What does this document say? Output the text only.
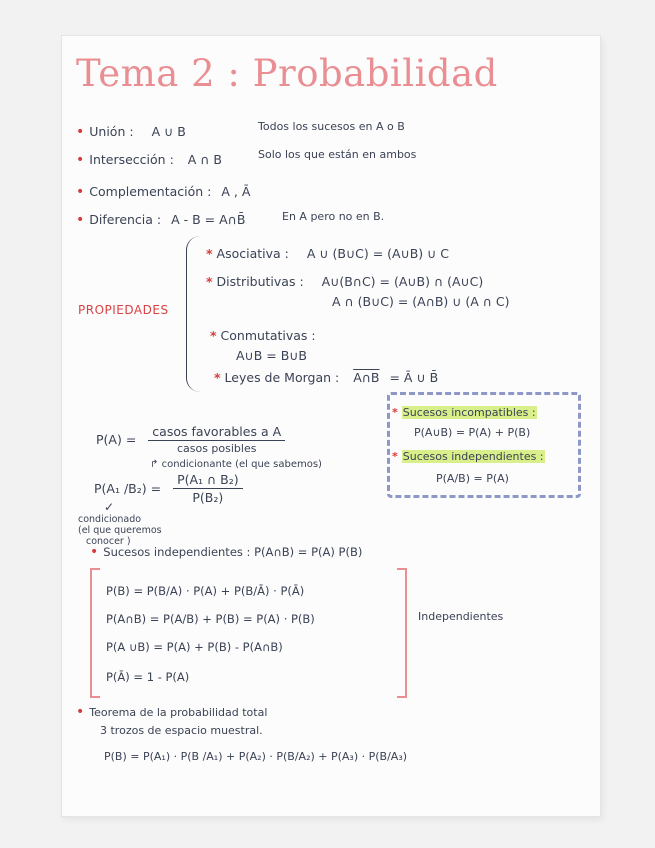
Tema 2 : Probabilidad
• Unión : A ∪ B	Todos los sucesos en A o B
• Intersección : A ∩ B	Solo los que están en ambos
• Complementación : A , Ā
• Diferencia : A - B = A∩B̄	En A pero no en B.
PROPIEDADES
* Asociativa : A ∪ (B∪C) = (A∪B) ∪ C
* Distributivas : A∪(B∩C) = (A∪B) ∩ (A∪C)
A ∩ (B∪C) = (A∩B) ∪ (A ∩ C)
* Conmutativas :
A∪B = B∪B
* Leyes de Morgan : A∩B = Ā ∪ B̄
$P(A) = \frac{\text{casos favorables a A}}{\text{casos posibles}}$
↱ condicionante (el que sabemos)
P(A₁ $/B_2) = \frac{\text{P(A₁ ∩ B₂)}}{\text{P(B₂)}}$
✓
condicionado
(el que queremos
conocer )
* Sucesos incompatibles :
P(A∪B) = P(A) + P(B)
* Sucesos independientes :
P(A/B) = P(A)
• Sucesos independientes : P(A∩B) = P(A) P(B)
P(B) = P(B/A) · P(A) + P(B/Ā) · P(Ā)
P(A∩B) = P(A/B) + P(B) = P(A) · P(B)
P(A ∪B) = P(A) + P(B) - P(A∩B)
P(Ā) = 1 - P(A)
Independientes
• Teorema de la probabilidad total
3 trozos de espacio muestral.
P(B) = P(A₁) · P(B /A₁) + P(A₂) · P(B/A₂) + P(A₃) · P(B/A₃)
